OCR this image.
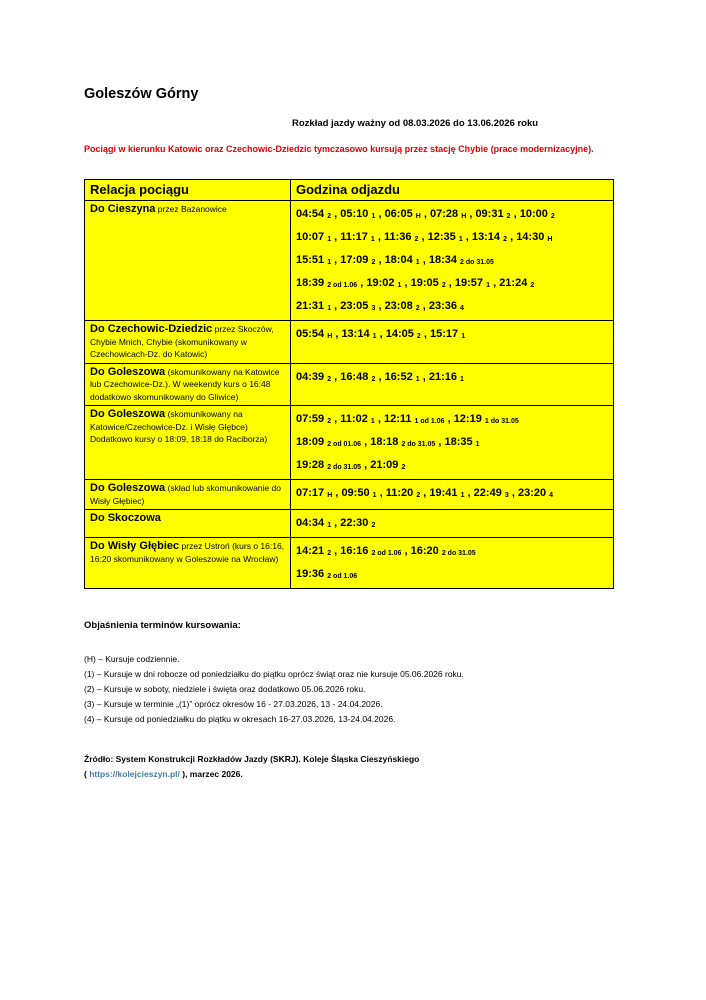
Goleszów Górny
Rozkład jazdy ważny od 08.03.2026 do 13.06.2026 roku
Pociągi w kierunku Katowic oraz Czechowic-Dziedzic tymczasowo kursują przez stację Chybie (prace modernizacyjne).
Relacja pociągu	Godzina odjazdu
Do Cieszyna przez Bażanowice	04:54 $_2$ , 05:10 $_1$ , 06:05 $_H$ , 07:28 $_H$ , 09:31 $_2$ , 10:00 $_2$
10:07 $_1$ , 11:17 $_1$ , 11:36 $_2$ , 12:35 $_1$ , 13:14 $_2$ , 14:30 $_H$
15:51 $_1$ , 17:09 $_2$ , 18:04 $_1$ , 18:34 $_{2 do 31.05}$
18:39 $_{2 od 1.06}$ , 19:02 $_1$ , 19:05 $_2$ , 19:57 $_1$ , 21:24 $_2$
21:31 $_1$ , 23:05 $_3$ , 23:08 $_2$ , 23:36 $_4$

Do Czechowic-Dziedzic przez Skoczów, Chybie Mnich, Chybie (skomunikowany w Czechowicach-Dz. do Katowic)	05:54 $_H$ , 13:14 $_1$ , 14:05 $_2$ , 15:17 $_1$

Do Goleszowa (skomunikowany na Katowice lub Czechowice-Dz.). W weekendy kurs o 16:48 dodatkowo skomunikowany do Gliwice)	04:39 $_2$ , 16:48 $_2$ , 16:52 $_1$ , 21:16 $_1$

Do Goleszowa (skomunikowany na Katowice/Czechowice-Dz. i Wisłę Głębce) Dodatkowo kursy o 18:09, 18:18 do Raciborza)	07:59 $_2$ , 11:02 $_1$ , 12:11 $_{1 od 1.06}$ , 12:19 $_{1 do 31.05}$
18:09 $_{2 od 01.06}$ , 18:18 $_{2 do 31.05}$ , 18:35 $_1$
19:28 $_{2 do 31.05}$ , 21:09 $_2$

Do Goleszowa (skład lub skomunikowanie do Wisły Głębiec)	07:17 $_H$ , 09:50 $_1$ , 11:20 $_2$ , 19:41 $_1$ , 22:49 $_3$ , 23:20 $_4$

Do Skoczowa	04:34 $_1$ , 22:30 $_2$

Do Wisły Głębiec przez Ustroń (kurs o 16:16, 16:20 skomunikowany w Goleszowie na Wrocław)	14:21 $_2$ , 16:16 $_{2 od 1.06}$ , 16:20 $_{2 do 31.05}$
19:36 $_{2 od 1.06}$
Objaśnienia terminów kursowania:
(H) – Kursuje codziennie.
(1) – Kursuje w dni robocze od poniedziałku do piątku oprócz świąt oraz nie kursuje 05.06.2026 roku.
(2) – Kursuje w soboty, niedziele i święta oraz dodatkowo 05.06.2026 roku.
(3) – Kursuje w terminie „(1)” oprócz okresów 16 - 27.03.2026, 13 - 24.04.2026.
(4) – Kursuje od poniedziałku do piątku w okresach 16-27.03.2026, 13-24.04.2026.
Źródło: System Konstrukcji Rozkładów Jazdy (SKRJ). Koleje Śląska Cieszyńskiego
( https://kolejcieszyn.pl/ ), marzec 2026.
